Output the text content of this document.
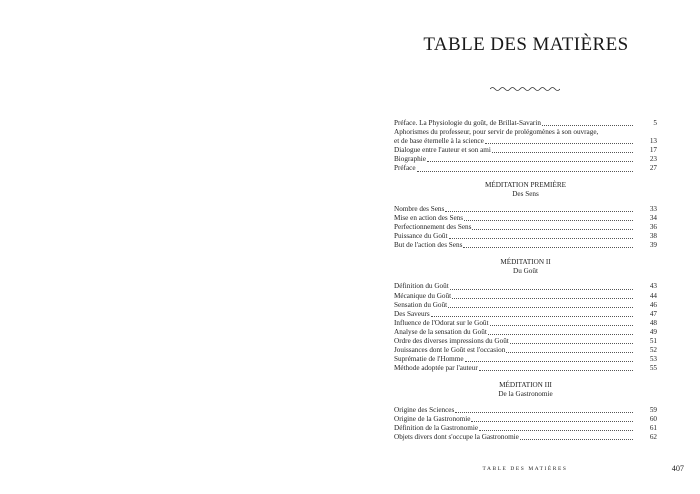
TABLE DES MATIÈRES
Préface. La Physiologie du goût, de Brillat-Savarin	5
Aphorismes du professeur, pour servir de prolégomènes à son ouvrage,
et de base éternelle à la science	13
Dialogue entre l'auteur et son ami	17
Biographie	23
Préface	27
MÉDITATION PREMIÈRE
Des Sens
Nombre des Sens	33
Mise en action des Sens	34
Perfectionnement des Sens	36
Puissance du Goût	38
But de l'action des Sens	39
MÉDITATION II
Du Goût
Définition du Goût	43
Mécanique du Goût	44
Sensation du Goût	46
Des Saveurs	47
Influence de l'Odorat sur le Goût	48
Analyse de la sensation du Goût	49
Ordre des diverses impressions du Goût	51
Jouissances dont le Goût est l'occasion	52
Suprématie de l'Homme	53
Méthode adoptée par l'auteur	55
MÉDITATION III
De la Gastronomie
Origine des Sciences	59
Origine de la Gastronomie	60
Définition de la Gastronomie	61
Objets divers dont s'occupe la Gastronomie	62
TABLE DES MATIÈRES	407
